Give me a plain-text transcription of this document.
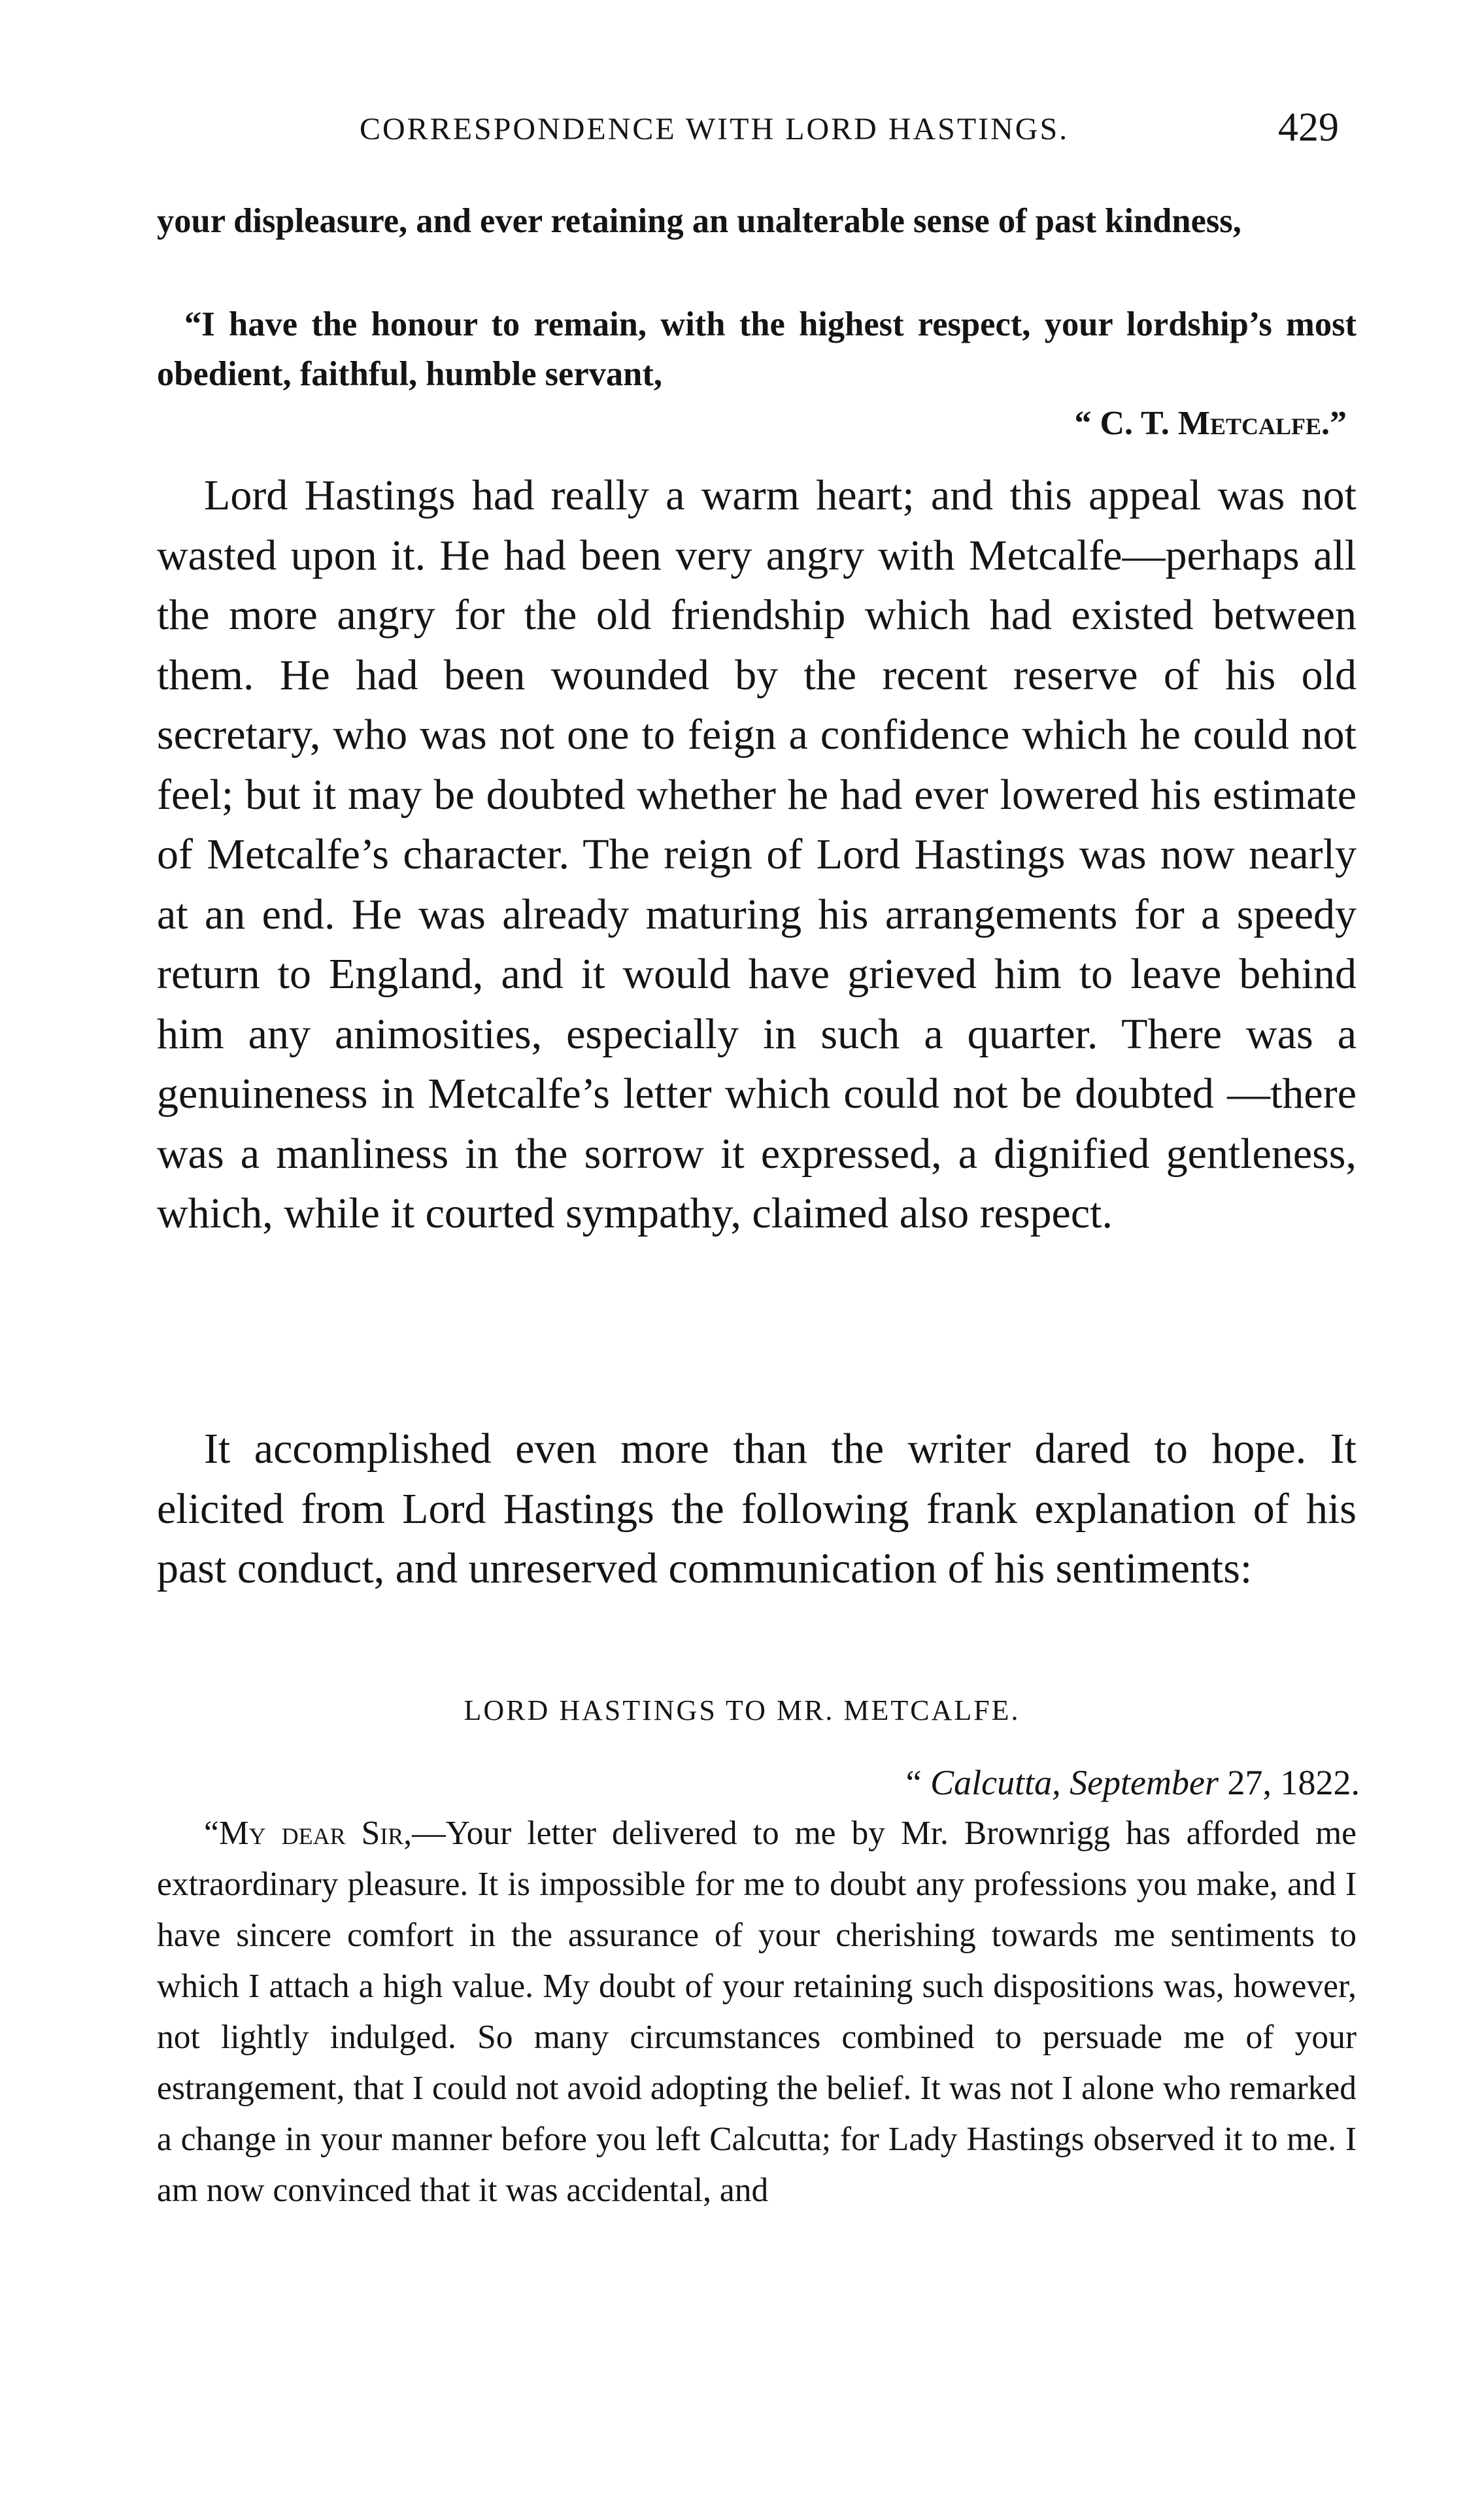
CORRESPONDENCE WITH LORD HASTINGS.	429

your displeasure, and ever retaining an unalterable sense of past kindness,

“I have the honour to remain, with the highest respect, your lordship’s most obedient, faithful, humble servant,

“ C. T. Metcalfe.”

Lord Hastings had really a warm heart; and this appeal was not wasted upon it. He had been very angry with Metcalfe—perhaps all the more angry for the old friendship which had existed between them. He had been wounded by the recent reserve of his old secretary, who was not one to feign a confidence which he could not feel; but it may be doubted whether he had ever lowered his estimate of Metcalfe’s character. The reign of Lord Hastings was now nearly at an end. He was already maturing his arrangements for a speedy return to England, and it would have grieved him to leave behind him any animosities, especially in such a quarter. There was a genuineness in Metcalfe’s letter which could not be doubted —there was a manliness in the sorrow it expressed, a dignified gentleness, which, while it courted sympathy, claimed also respect.

It accomplished even more than the writer dared to hope. It elicited from Lord Hastings the following frank explanation of his past conduct, and unreserved communication of his sentiments:

LORD HASTINGS TO MR. METCALFE.
“ Calcutta, September 27, 1822.

“My dear Sir,—Your letter delivered to me by Mr. Brownrigg has afforded me extraordinary pleasure. It is impossible for me to doubt any professions you make, and I have sincere comfort in the assurance of your cherishing towards me sentiments to which I attach a high value. My doubt of your retaining such dispositions was, however, not lightly indulged. So many circumstances combined to persuade me of your estrangement, that I could not avoid adopting the belief. It was not I alone who remarked a change in your manner before you left Calcutta; for Lady Hastings observed it to me. I am now convinced that it was accidental, and
